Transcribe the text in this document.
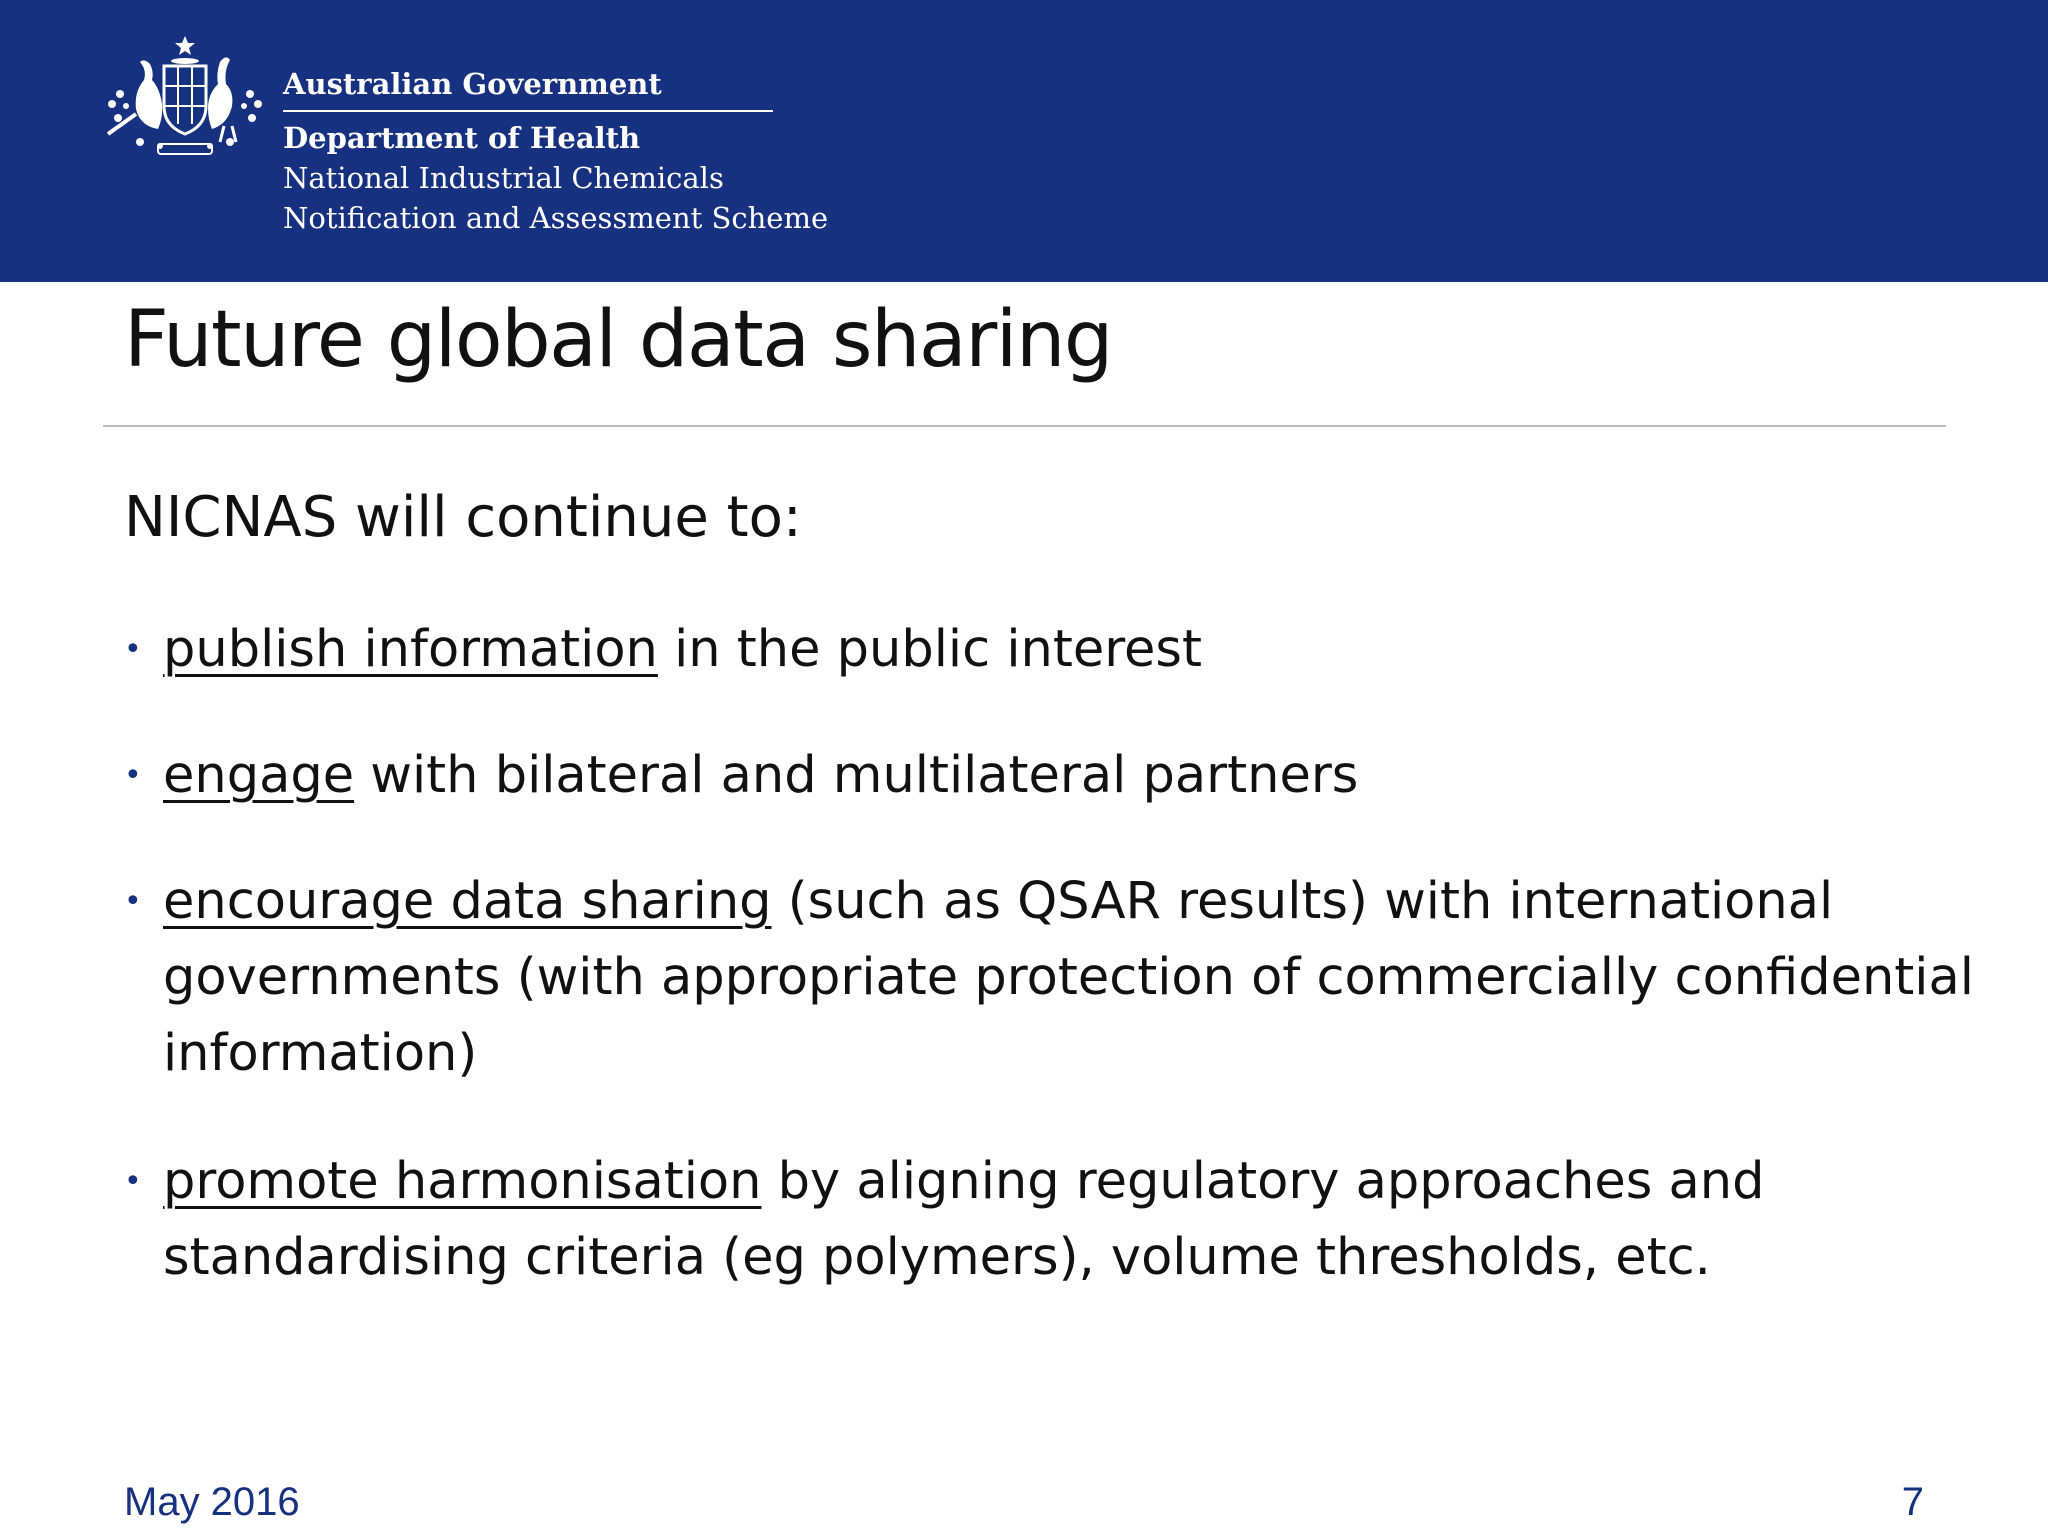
Australian Government
Department of Health
National Industrial Chemicals
Notification and Assessment Scheme
Future global data sharing
NICNAS will continue to:
•
publish information in the public interest
•
engage with bilateral and multilateral partners
•
encourage data sharing (such as QSAR results) with international governments (with appropriate protection of commercially confidential information)
•
promote harmonisation by aligning regulatory approaches and standardising criteria (eg polymers), volume thresholds, etc.
May 2016	7
